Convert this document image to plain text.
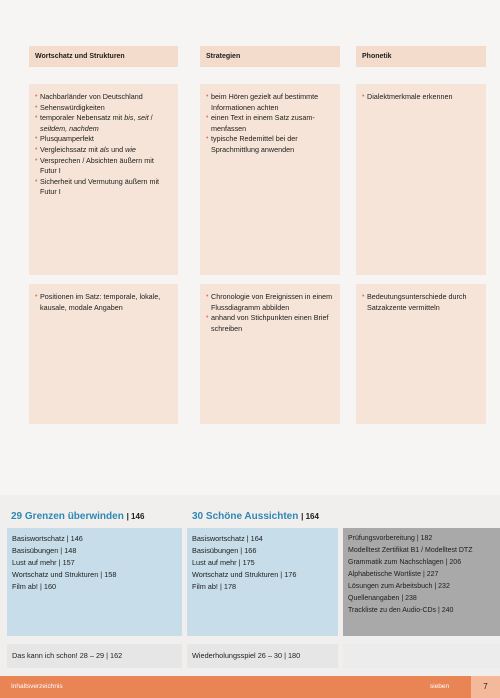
Wortschatz und Strukturen	Strategien	Phonetik
• Nachbarländer von Deutschland
• Sehenswürdigkeiten
• temporaler Nebensatz mit bis, seit / seitdem, nachdem
• Plusquamperfekt
• Vergleichssatz mit als und wie
• Versprechen / Absichten äußern mit Futur I
• Sicherheit und Vermutung äußern mit Futur I
• beim Hören gezielt auf bestimmte Informationen achten
• einen Text in einem Satz zusam-menfassen
• typische Redemittel bei der Sprachmittlung anwenden
• Dialektmerkmale erkennen
• Positionen im Satz: temporale, lokale, kausale, modale Angaben
• Chronologie von Ereignissen in einem Flussdiagramm abbilden
• anhand von Stichpunkten einen Brief schreiben
• Bedeutungsunterschiede durch Satzakzente vermitteln
29 Grenzen überwinden | 146	30 Schöne Aussichten | 164
Basiswortschatz | 146
Basisübungen | 148
Lust auf mehr | 157
Wortschatz und Strukturen | 158
Film ab! | 160
Basiswortschatz | 164
Basisübungen | 166
Lust auf mehr | 175
Wortschatz und Strukturen | 176
Film ab! | 178
Prüfungsvorbereitung | 182
Modelltest Zertifikat B1 / Modelltest DTZ
Grammatik zum Nachschlagen | 206
Alphabetische Wortliste | 227
Lösungen zum Arbeitsbuch | 232
Quellenangaben | 238
Trackliste zu den Audio-CDs | 240
Das kann ich schon! 28 – 29 | 162	Wiederholungsspiel 26 – 30 | 180
Inhaltsverzeichnis	sieben	7
